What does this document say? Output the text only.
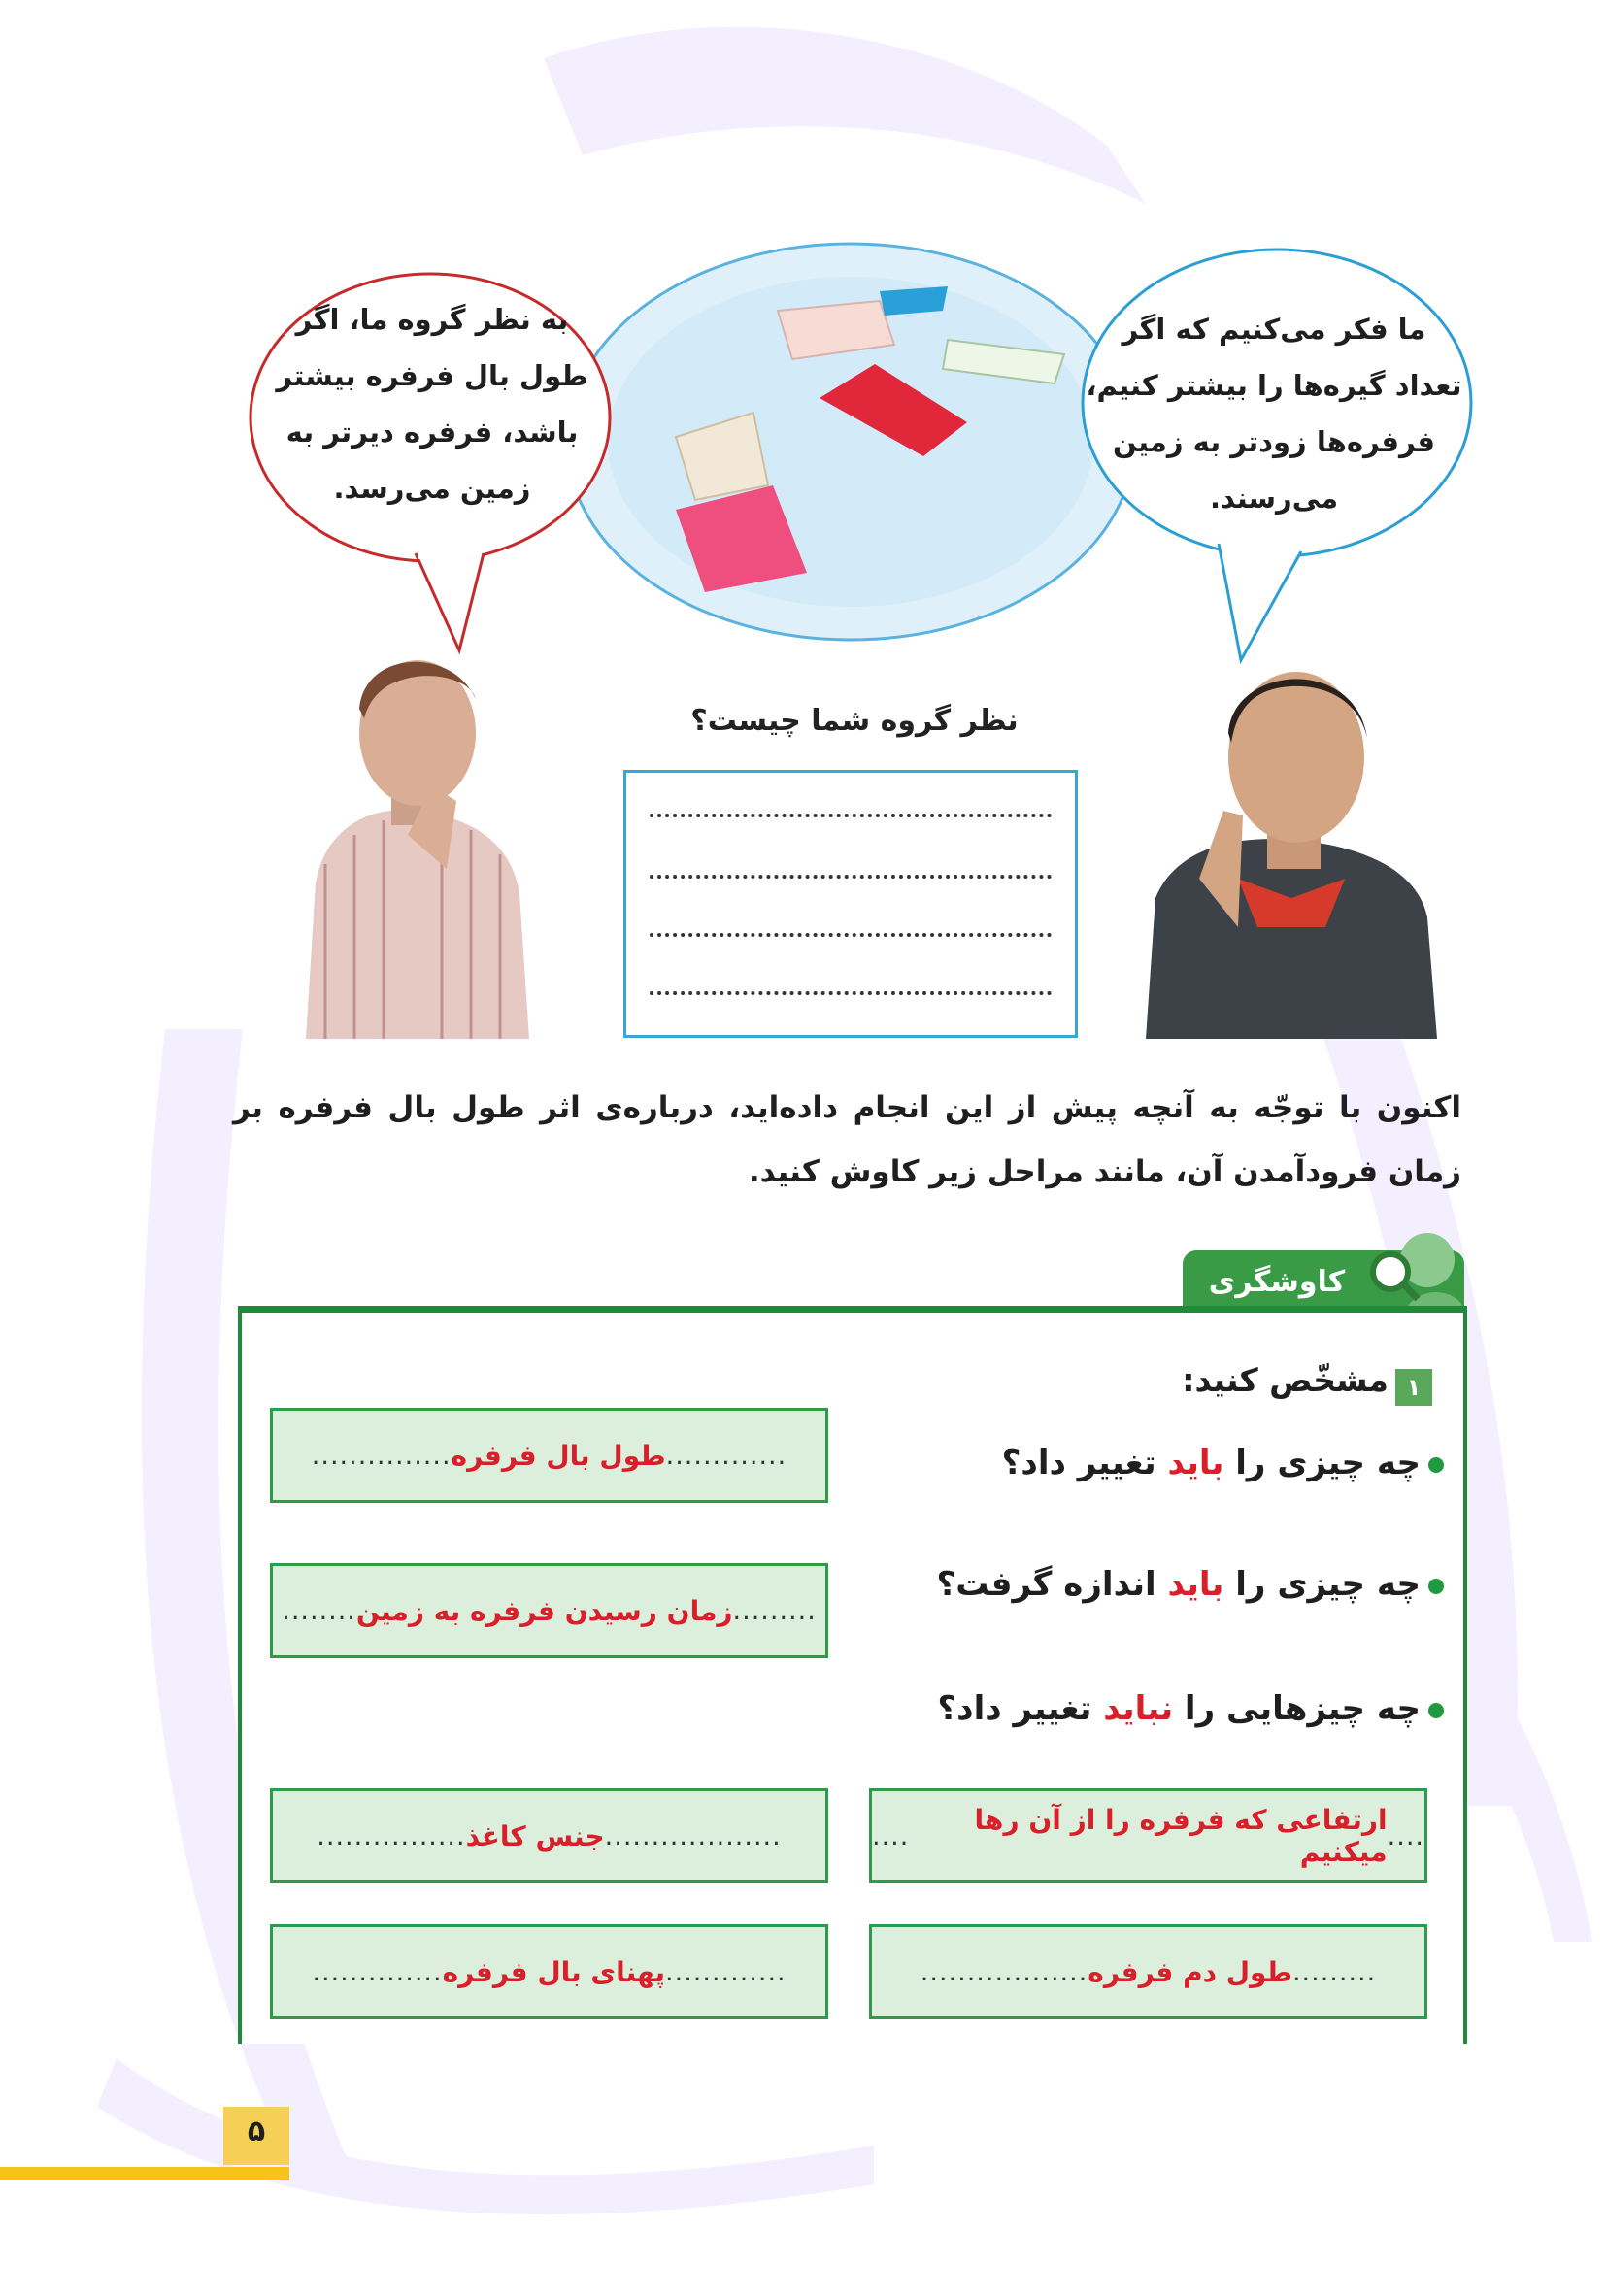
به نظر گروه ما، اگر
طول بال فرفره بیشتر
باشد، فرفره دیرتر به
زمین می‌رسد.
ما فکر می‌کنیم که اگر
تعداد گیره‌ها را بیشتر کنیم،
فرفره‌ها زودتر به زمین
می‌رسند.
نظر گروه شما چیست؟
اکنون با توجّه به آنچه پیش از این انجام داده‌اید، درباره‌ی اثر طول بال فرفره بر زمان فرودآمدن آن، مانند مراحل زیر کاوش کنید.
کاوشگری
۱
مشخّص کنید:
چه چیزی را باید تغییر داد؟
چه چیزی را باید اندازه گرفت؟
چه چیزهایی را نباید تغییر داد؟
.............
طول بال فرفره
...............
.........
زمان رسیدن فرفره به زمین
........
....
ارتفاعی که فرفره را از آن رها میکنیم
....
...................
جنس کاغذ
................
.........
طول دم فرفره
..................
.............
پهنای بال فرفره
..............
۵
